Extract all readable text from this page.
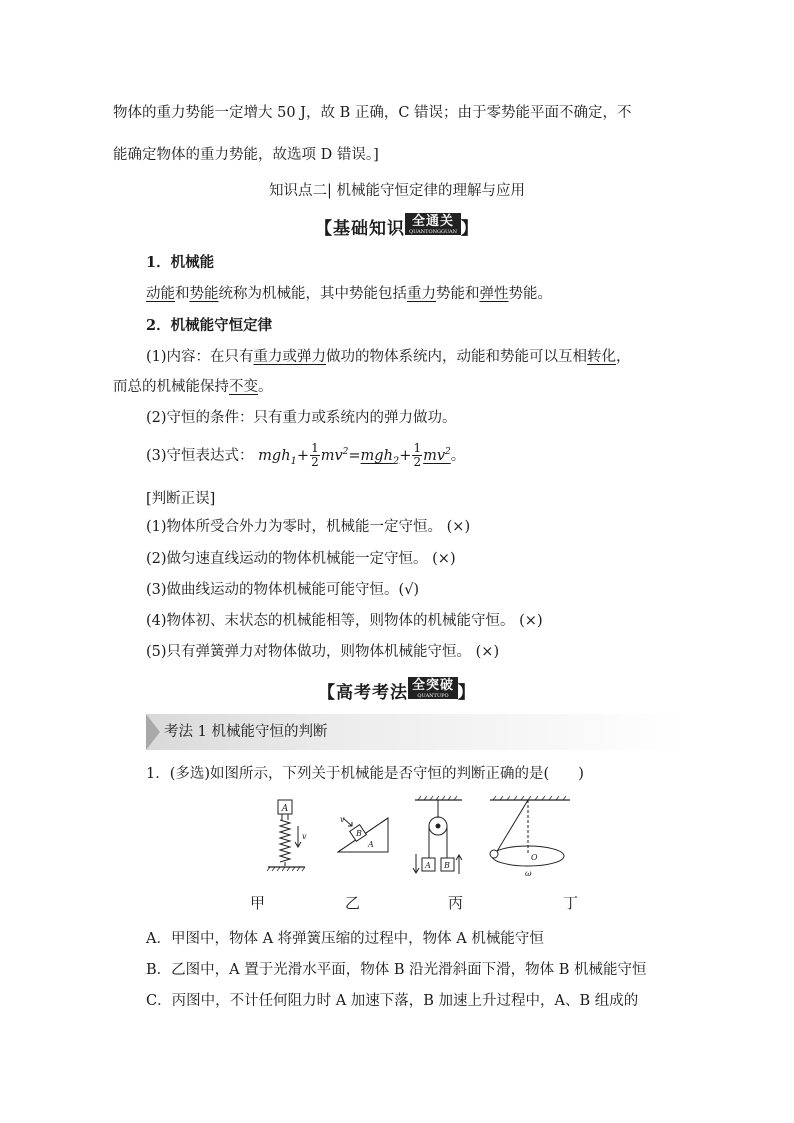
物体的重力势能一定增大 50 J，故 B 正确，C 错误；由于零势能平面不确定，不
能确定物体的重力势能，故选项 D 错误。]
知识点二| 机械能守恒定律的理解与应用
【基础知识 全通关
QUANTONGGUAN 】
1．机械能
动能和势能统称为机械能，其中势能包括重力势能和弹性势能。
2．机械能守恒定律
(1)内容：在只有重力或弹力做功的物体系统内，动能和势能可以互相转化，
而总的机械能保持不变。
(2)守恒的条件：只有重力或系统内的弹力做功。
(3)守恒表达式： $mgh_1+ \frac{1}{2} mv^2=mgh_2+ \frac{1}{2} mv^2$。
[判断正误]
(1)物体所受合外力为零时，机械能一定守恒。 (×)
(2)做匀速直线运动的物体机械能一定守恒。 (×)
(3)做曲线运动的物体机械能可能守恒。(√)
(4)物体初、末状态的机械能相等，则物体的机械能守恒。 (×)
(5)只有弹簧弹力对物体做功，则物体机械能守恒。 (×)
【高考考法 全突破
QUANTUPO 】
考法 1 机械能守恒的判断
1．(多选)如图所示，下列关于机械能是否守恒的判断正确的是(　　)
A
v	B
A
v
A B
O
ω
甲	乙	丙	丁
A．甲图中，物体 A 将弹簧压缩的过程中，物体 A 机械能守恒
B．乙图中，A 置于光滑水平面，物体 B 沿光滑斜面下滑，物体 B 机械能守恒
C．丙图中，不计任何阻力时 A 加速下落，B 加速上升过程中，A、B 组成的
